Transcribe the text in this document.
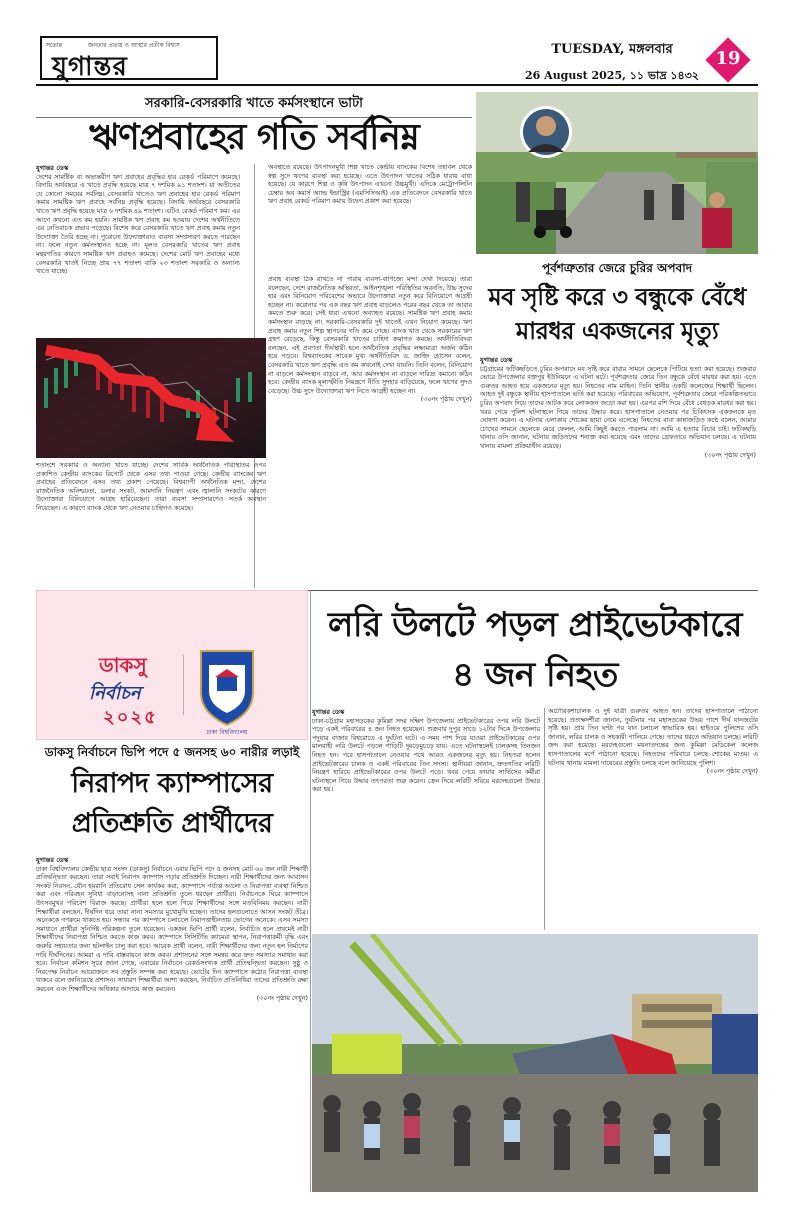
সত্যের	জনতার প্রত্যয় ও আস্থার প্রতীক বিশ্বাস
যুগান্তর
TUESDAY, মঙ্গলবার
26 August 2025, ১১ ভাদ্র ১৪৩২
19
সরকারি-বেসরকারি খাতে কর্মসংস্থানে ভাটা
ঋণপ্রবাহের গতি সর্বনিম্ন
যুগান্তর ডেস্ক
দেশের সামষ্টিক বা অভ্যন্তরীণ ঋণ প্রবাহের প্রবৃদ্ধির হার রেকর্ড পরিমাণে কমেছে। বিদায়ি অর্থবছরে এ খাতে প্রবৃদ্ধি হয়েছে মাত্র ৭ দশমিক ৯১ শতাংশ। যা অতীতের যে কোনো সময়ের সর্বনিম্ন। বেসরকারি খাতেও ঋণ প্রবাহের হার রেকর্ড পরিমাণ কমায় সামষ্টিক ঋণ প্রবাহে সর্বনিম্ন প্রবৃদ্ধি হয়েছে। বিদায়ি অর্থবছরে বেসরকারি খাতে ঋণ প্রবৃদ্ধি হয়েছে মাত্র ৬ দশমিক ৪৯ শতাংশ। এটিও রেকর্ড পরিমাণ কম। এর আগে কখনো এত কম হয়নি। সামষ্টিক ঋণ প্রবাহ কম হওয়ায় দেশের অর্থনীতিতে এর নেতিবাচক প্রভাব পড়েছে। বিশেষ করে বেসরকারি খাতে ঋণ প্রবাহ কমায় নতুন উদ্যোক্তা তৈরি হচ্ছে না। পুরোনো উদ্যোক্তারাও ব্যবসা সম্প্রসারণ করতে পারছেন না। ফলে নতুন কর্মসংস্থানও হচ্ছে না। মূলত বেসরকারি খাতের ঋণ প্রবাহ মন্থরগতির কারণে সামষ্টিক ঋণ প্রবাহও কমেছে। দেশের মোট ঋণ প্রবাহের মধ্যে বেসরকারি খাতই নিচ্ছে প্রায় ৭৭ শতাংশ বাকি ২৩ শতাংশ সরকারি ও অন্যান্য খাতে যাচ্ছে।
অবস্থাতে রয়েছে। উৎপাদনমুখী শিল্প খাতে কেন্দ্রীয় ব্যাংকের বিশেষ তহবিল থেকে স্বল্প সুদে ঋণের ব্যবস্থা করা হয়েছে। এতে উৎপাদন খাতের সঠিক ধারায় বাধা হয়েছে। যে কারণে শিল্প ও কৃষি উৎপাদন এখনো উচ্চমুখী। এদিকে মেট্রোপলিটন চেম্বার অব কমার্স অ্যান্ড ইন্ডাস্ট্রির (এমসিসিআই) এক প্রতিবেদনে বেসরকারি খাতে ঋণ প্রবাহ রেকর্ড পরিমাণ কমায় উদ্বেগ প্রকাশ করা হয়েছে।
শতাংশে সরকারি ও অন্যান্য খাতে যাচ্ছে। দেশের সার্বিক অর্থনৈতিক পরিস্থিতির ওপর প্রকাশিত কেন্দ্রীয় ব্যাংকের রিপোর্ট থেকে এসব তথ্য পাওয়া গেছে। কেন্দ্রীয় ব্যাংকের ঋণ প্রবাহের প্রতিবেদনে এসব তথ্য প্রকাশ পেয়েছে। বিশ্বব্যাপী অর্থনৈতিক মন্দা, দেশের রাজনৈতিক অনিশ্চয়তা, ডলার সংকট, আমদানি নিয়ন্ত্রণ এবং জ্বালানি সংকটের কারণে উদ্যোক্তারা বিনিয়োগে আগ্রহ হারিয়েছেন। তারা ব্যবসা সম্প্রসারণেও সতর্ক অবস্থান নিয়েছেন। এ কারণে ব্যাংক থেকে ঋণ নেওয়ার চাহিদাও কমেছে।
প্রবাহ ব্যবস্থা ঠিক রাখতে না পারায় ব্যবসা-বাণিজ্যে মন্দা দেখা দিয়েছে। তারা বলেছেন, দেশে রাজনৈতিক অস্থিরতা, আইনশৃঙ্খলা পরিস্থিতির অবনতি, উচ্চ সুদের হার এবং বিনিয়োগ পরিবেশের অভাবে উদ্যোক্তারা নতুন করে বিনিয়োগে আগ্রহী হচ্ছেন না। করোনার পর এক বছর ঋণ প্রবাহ বাড়লেও পরের বছর থেকে তা আবার কমতে শুরু করে। সেই ধারা এখনো অব্যাহত রয়েছে। সামষ্টিক ঋণ প্রবাহ কমায় কর্মসংস্থান বাড়ছে না। সরকারি-বেসরকারি দুই খাতেই এখন নিয়োগ কমেছে। ঋণ প্রবাহ কমায় নতুন শিল্প স্থাপনের গতি কমে গেছে। ব্যাংক খাত থেকে সরকারের ঋণ গ্রহণ বেড়েছে, কিন্তু বেসরকারি খাতের চাহিদা ক্রমাগত কমছে। অর্থনীতিবিদরা বলছেন, এই প্রবণতা দীর্ঘস্থায়ী হলে অর্থনৈতিক প্রবৃদ্ধির লক্ষ্যমাত্রা অর্জন কঠিন হয়ে পড়বে। বিশ্বব্যাংকের সাবেক মুখ্য অর্থনীতিবিদ ড. জাহিদ হোসেন বলেন, বেসরকারি খাতে ঋণ প্রবৃদ্ধি এত কম কখনোই দেখা যায়নি। তিনি বলেন, বিনিয়োগ না বাড়লে কর্মসংস্থান বাড়বে না, আর কর্মসংস্থান না বাড়লে দারিদ্র্য কমানো কঠিন হবে। কেন্দ্রীয় ব্যাংক মূল্যস্ফীতি নিয়ন্ত্রণে নীতি সুদহার বাড়িয়েছে, ফলে ঋণের সুদও বেড়েছে। উচ্চ সুদে উদ্যোক্তারা ঋণ নিতে আগ্রহী হচ্ছেন না।
(৩০নং পৃষ্ঠায় দেখুন)
পূর্বশত্রুতার জেরে চুরির অপবাদ
মব সৃষ্টি করে ৩ বন্ধুকে বেঁধে মারধর একজনের মৃত্যু
যুগান্তর ডেস্ক
চট্টগ্রামের ফটিকছড়িতে চুরির অপবাদে মব সৃষ্টি করে বাবার সামনে ছেলেকে পিটিয়ে হত্যা করা হয়েছে। শুক্রবার ভোরে উপজেলার বক্তপুর ইউনিয়নে এ ঘটনা ঘটে। পূর্বশত্রুতার জেরে তিন বন্ধুকে বেঁধে মারধর করা হয়। এতে গুরুতর আহত হয়ে একজনের মৃত্যু হয়। নিহতের নাম মাহিন। তিনি স্থানীয় একটি কলেজের শিক্ষার্থী ছিলেন। আহত দুই বন্ধুকে স্থানীয় হাসপাতালে ভর্তি করা হয়েছে। পরিবারের অভিযোগ, পূর্বশত্রুতার জেরে পরিকল্পিতভাবে চুরির অপবাদ দিয়ে তাদের আটক করে লোকজন জড়ো করা হয়। এরপর রশি দিয়ে বেঁধে বেধড়ক মারধর করা হয়। খবর পেয়ে পুলিশ ঘটনাস্থলে গিয়ে তাদের উদ্ধার করে। হাসপাতালে নেওয়ার পর চিকিৎসক একজনকে মৃত ঘোষণা করেন। এ ঘটনায় এলাকায় শোকের ছায়া নেমে এসেছে। নিহতের বাবা কান্নাজড়িত কণ্ঠে বলেন, আমার চোখের সামনে ছেলেকে মেরে ফেলল, আমি কিছুই করতে পারলাম না। আমি এ হত্যার বিচার চাই। ফটিকছড়ি থানার ওসি জানান, ঘটনায় জড়িতদের শনাক্ত করা হয়েছে এবং তাদের গ্রেফতারে অভিযান চলছে। এ ঘটনায় থানায় মামলা প্রক্রিয়াধীন রয়েছে।
(৩০নং পৃষ্ঠায় দেখুন)
ডাকসু
নির্বাচন
২০২৫
ঢাকা বিশ্ববিদ্যালয়
লরি উলটে পড়ল প্রাইভেটকারে ৪ জন নিহত
যুগান্তর ডেস্ক
ঢাকা-চট্টগ্রাম মহাসড়কের কুমিল্লা সদর দক্ষিণ উপজেলায় প্রাইভেটকারের ওপর লরি উলটে পড়ে একই পরিবারের ৪ জন নিহত হয়েছেন। শুক্রবার দুপুর সাড়ে ১২টার দিকে উপজেলার পদুয়ার বাজার বিশ্বরোডে এ দুর্ঘটনা ঘটে। এ সময় পাশ দিয়ে যাওয়া প্রাইভেটকারের ওপর মালবাহী লরি উলটে পড়লে গাড়িটি দুমড়েমুচড়ে যায়। এতে ঘটনাস্থলেই চালকসহ তিনজন নিহত হন। পরে হাসপাতালে নেওয়ার পথে আরও একজনের মৃত্যু হয়। নিহতরা হলেন প্রাইভেটকারের চালক ও একই পরিবারের তিন সদস্য। স্থানীয়রা জানান, দ্রুতগতির লরিটি নিয়ন্ত্রণ হারিয়ে প্রাইভেটকারের ওপর উলটে পড়ে। খবর পেয়ে ফায়ার সার্ভিসের কর্মীরা ঘটনাস্থলে গিয়ে উদ্ধার তৎপরতা শুরু করেন। ক্রেন দিয়ে লরিটি সরিয়ে মরদেহগুলো উদ্ধার করা হয়।
অটোরিকশাচালক ও দুই যাত্রী গুরুতর আহত হন। তাদের হাসপাতালে পাঠানো হয়েছে। প্রত্যক্ষদর্শীরা জানান, দুর্ঘটনার পর মহাসড়কের উভয় পাশে দীর্ঘ যানজটের সৃষ্টি হয়। প্রায় তিন ঘণ্টা পর যান চলাচল স্বাভাবিক হয়। হাইওয়ে পুলিশের ওসি জানান, লরির চালক ও সহকারী পালিয়ে গেছে। তাদের ধরতে অভিযান চলছে। লরিটি জব্দ করা হয়েছে। মরদেহগুলো ময়নাতদন্তের জন্য কুমিল্লা মেডিকেল কলেজ হাসপাতালের মর্গে পাঠানো হয়েছে। নিহতদের পরিবারে চলছে শোকের মাতম। এ ঘটনায় থানায় মামলা দায়েরের প্রস্তুতি চলছে বলে জানিয়েছে পুলিশ।
(৩০নং পৃষ্ঠায় দেখুন)
ডাকসু নির্বাচনে ভিপি পদে ৫ জনসহ ৬০ নারীর লড়াই
নিরাপদ ক্যাম্পাসের প্রতিশ্রুতি প্রার্থীদের
যুগান্তর ডেস্ক
ঢাকা বিশ্ববিদ্যালয় কেন্দ্রীয় ছাত্র সংসদ (ডাকসু) নির্বাচনে এবার ভিপি পদে ৫ জনসহ মোট ৬০ জন নারী শিক্ষার্থী প্রতিদ্বন্দ্বিতা করছেন। তারা সবাই নিরাপদ ক্যাম্পাস গড়ার প্রতিশ্রুতি দিচ্ছেন। নারী শিক্ষার্থীদের জন্য আবাসন সংকট নিরসন, যৌন হয়রানি প্রতিরোধ সেল কার্যকর করা, ক্যাম্পাসে পর্যাপ্ত আলো ও নিরাপত্তা ব্যবস্থা নিশ্চিত করা এবং পরিবহন সুবিধা বাড়ানোসহ নানা প্রতিশ্রুতি তুলে ধরছেন প্রার্থীরা। নির্বাচনকে ঘিরে ক্যাম্পাসে উৎসবমুখর পরিবেশ বিরাজ করছে। প্রার্থীরা হলে হলে গিয়ে শিক্ষার্থীদের সঙ্গে মতবিনিময় করছেন। নারী শিক্ষার্থীরা বলছেন, দীর্ঘদিন ধরে তারা নানা সমস্যার মুখোমুখি হচ্ছেন। তাদের হলগুলোতে আসন সংকট তীব্র। অনেককে গণরুমে থাকতে হয়। সন্ধ্যার পর ক্যাম্পাসে চলাচলে নিরাপত্তাহীনতায় ভোগেন অনেকে। এসব সমস্যা সমাধানে প্রার্থীরা সুনির্দিষ্ট পরিকল্পনা তুলে ধরেছেন। একজন ভিপি প্রার্থী বলেন, নির্বাচিত হলে প্রথমেই নারী শিক্ষার্থীদের নিরাপত্তা নিশ্চিত করতে কাজ করব। ক্যাম্পাসে সিসিটিভি ক্যামেরা স্থাপন, নিরাপত্তাকর্মী বৃদ্ধি এবং জরুরি সহায়তার জন্য হটলাইন চালু করা হবে। আরেক প্রার্থী বলেন, নারী শিক্ষার্থীদের জন্য নতুন হল নির্মাণের দাবি দীর্ঘদিনের। আমরা এ দাবি বাস্তবায়নে কাজ করব। প্রশাসনের সঙ্গে সমন্বয় করে দ্রুত সমস্যার সমাধান করা হবে। নির্বাচন কমিশন সূত্রে জানা গেছে, এবারের নির্বাচনে রেকর্ডসংখ্যক প্রার্থী প্রতিদ্বন্দ্বিতা করছেন। সুষ্ঠু ও নিরপেক্ষ নির্বাচন আয়োজনে সব প্রস্তুতি সম্পন্ন করা হয়েছে। ভোটের দিন ক্যাম্পাসে কঠোর নিরাপত্তা ব্যবস্থা থাকবে বলে জানিয়েছে প্রশাসন। সাধারণ শিক্ষার্থীরা আশা করছেন, নির্বাচিত প্রতিনিধিরা তাদের প্রতিশ্রুতি রক্ষা করবেন এবং শিক্ষার্থীদের অধিকার আদায়ে কাজ করবেন।
(৩০নং পৃষ্ঠায় দেখুন)
